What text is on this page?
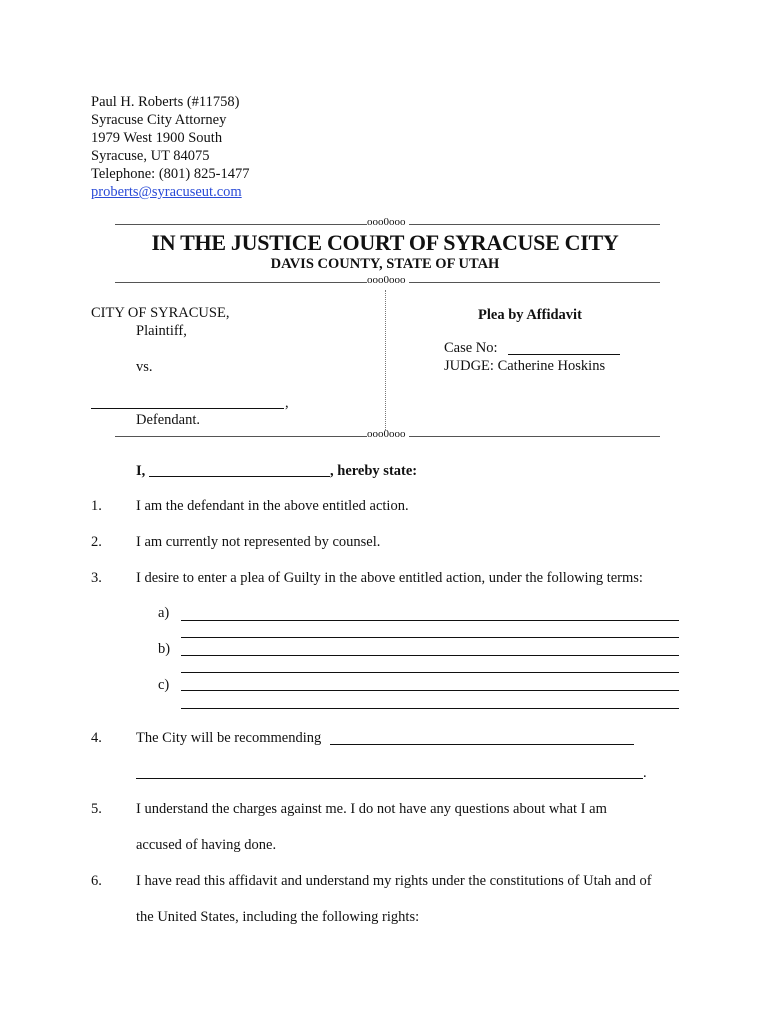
Paul H. Roberts (#11758)
Syracuse City Attorney
1979 West 1900 South
Syracuse, UT 84075
Telephone: (801) 825-1477
proberts@syracuseut.com
ooo0ooo
IN THE JUSTICE COURT OF SYRACUSE CITY
DAVIS COUNTY, STATE OF UTAH
ooo0ooo
CITY OF SYRACUSE,
Plaintiff,
vs.
,
Defendant.
Plea by Affidavit
Case No:
JUDGE: Catherine Hoskins
ooo0ooo
I,	, hereby state:
1. I am the defendant in the above entitled action.
2. I am currently not represented by counsel.
3. I desire to enter a plea of Guilty in the above entitled action, under the following terms:
a)
b)
c)
4. The City will be recommending
.
5. I understand the charges against me. I do not have any questions about what I am
accused of having done.
6. I have read this affidavit and understand my rights under the constitutions of Utah and of
the United States, including the following rights:
